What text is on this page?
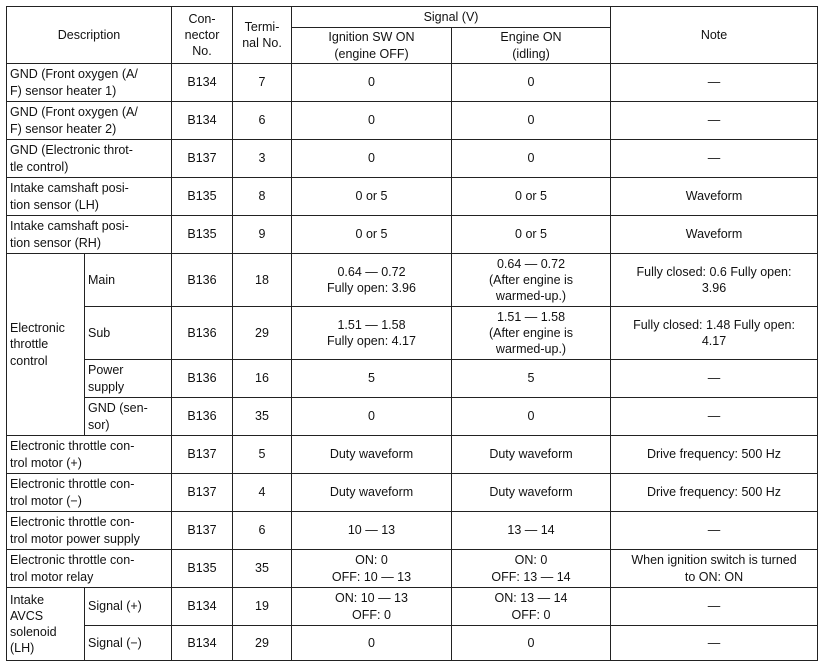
Description		Con-
nector
No.	Termi-
nal No.	Signal (V)		Note
				Ignition SW ON
(engine OFF)	Engine ON
(idling)	
GND (Front oxygen (A/
F) sensor heater 1)		B134	7	0	0	—
GND (Front oxygen (A/
F) sensor heater 2)		B134	6	0	0	—
GND (Electronic throt-
tle control)		B137	3	0	0	—
Intake camshaft posi-
tion sensor (LH)		B135	8	0 or 5	0 or 5	Waveform
Intake camshaft posi-
tion sensor (RH)		B135	9	0 or 5	0 or 5	Waveform
Electronic
throttle
control	Main	B136	18	0.64 — 0.72
Fully open: 3.96	0.64 — 0.72
(After engine is
warmed-up.)	Fully closed: 0.6 Fully open:
3.96
	Sub	B136	29	1.51 — 1.58
Fully open: 4.17	1.51 — 1.58
(After engine is
warmed-up.)	Fully closed: 1.48 Fully open:
4.17
	Power
supply	B136	16	5	5	—
	GND (sen-
sor)	B136	35	0	0	—
Electronic throttle con-
trol motor (+)		B137	5	Duty waveform	Duty waveform	Drive frequency: 500 Hz
Electronic throttle con-
trol motor (−)		B137	4	Duty waveform	Duty waveform	Drive frequency: 500 Hz
Electronic throttle con-
trol motor power supply		B137	6	10 — 13	13 — 14	—
Electronic throttle con-
trol motor relay		B135	35	ON: 0
OFF: 10 — 13	ON: 0
OFF: 13 — 14	When ignition switch is turned
to ON: ON
Intake
AVCS
solenoid
(LH)	Signal (+)	B134	19	ON: 10 — 13
OFF: 0	ON: 13 — 14
OFF: 0	—
	Signal (−)	B134	29	0	0	—
